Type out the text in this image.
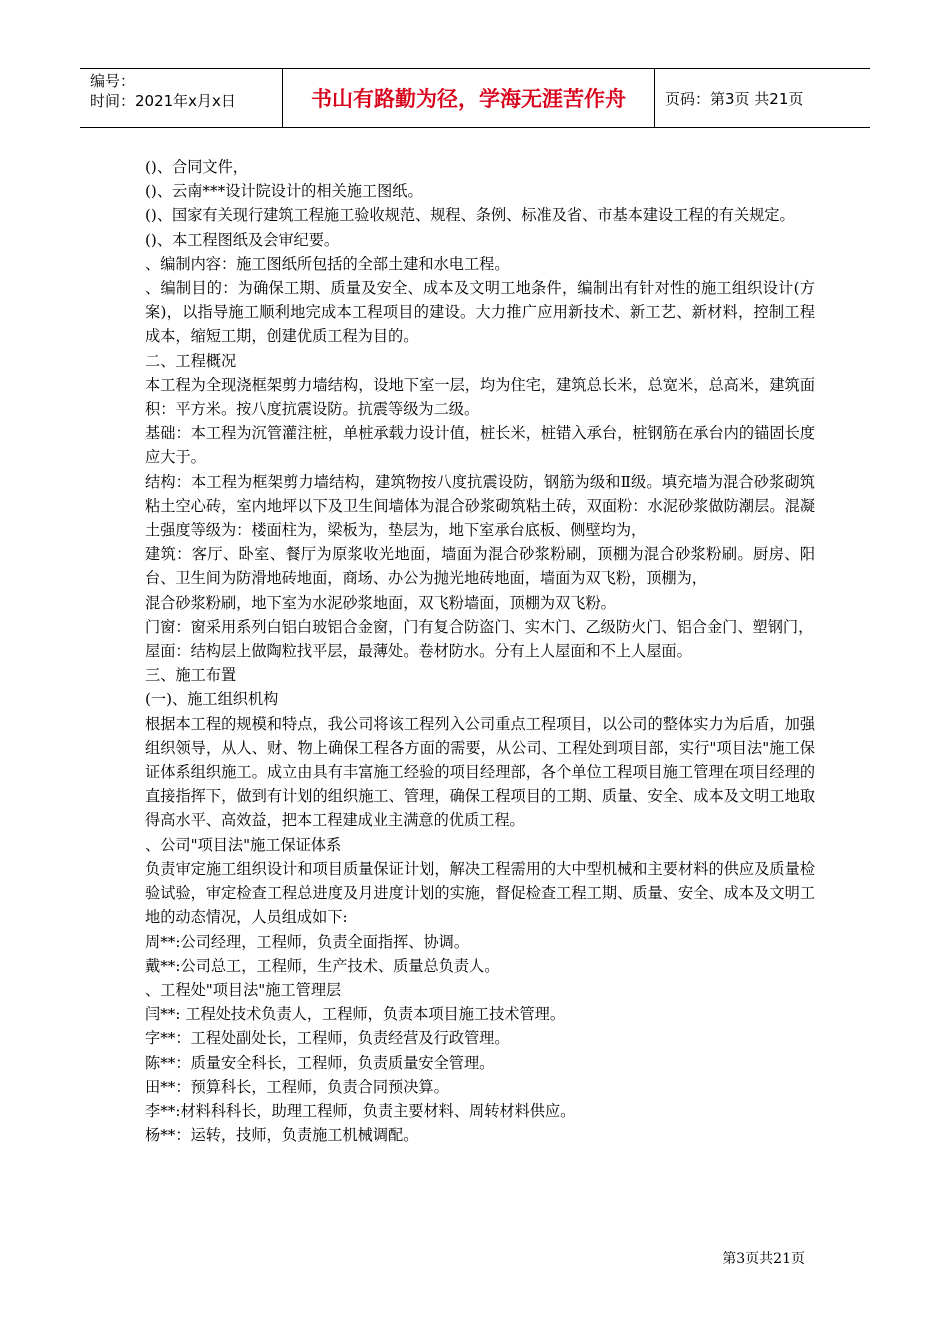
编号：
时间：2021年x月x日	书山有路勤为径，学海无涯苦作舟	页码：第3页 共21页

()、合同文件，

()、云南***设计院设计的相关施工图纸。

()、国家有关现行建筑工程施工验收规范、规程、条例、标准及省、市基本建设工程的有关规定。

()、本工程图纸及会审纪要。

、编制内容：施工图纸所包括的全部土建和水电工程。

、编制目的：为确保工期、质量及安全、成本及文明工地条件，编制出有针对性的施工组织设计(方案)，以指导施工顺利地完成本工程项目的建设。大力推广应用新技术、新工艺、新材料，控制工程成本，缩短工期，创建优质工程为目的。

二、工程概况

本工程为全现浇框架剪力墙结构，设地下室一层，均为住宅，建筑总长米，总宽米，总高米，建筑面积：平方米。按八度抗震设防。抗震等级为二级。

基础：本工程为沉管灌注桩，单桩承载力设计值，桩长米，桩错入承台，桩钢筋在承台内的锚固长度应大于。

结构：本工程为框架剪力墙结构，建筑物按八度抗震设防，钢筋为级和Ⅱ级。填充墙为混合砂浆砌筑粘土空心砖，室内地坪以下及卫生间墙体为混合砂浆砌筑粘土砖，双面粉：水泥砂浆做防潮层。混凝土强度等级为：楼面柱为，梁板为，垫层为，地下室承台底板、侧壁均为，

建筑：客厅、卧室、餐厅为原浆收光地面，墙面为混合砂浆粉刷，顶棚为混合砂浆粉刷。厨房、阳台、卫生间为防滑地砖地面，商场、办公为抛光地砖地面，墙面为双飞粉，顶棚为，

混合砂浆粉刷，地下室为水泥砂浆地面，双飞粉墙面，顶棚为双飞粉。

门窗：窗采用系列白铝白玻铝合金窗，门有复合防盗门、实木门、乙级防火门、铝合金门、塑钢门，

屋面：结构层上做陶粒找平层，最薄处。卷材防水。分有上人屋面和不上人屋面。

三、施工布置

(一)、施工组织机构

根据本工程的规模和特点，我公司将该工程列入公司重点工程项目，以公司的整体实力为后盾，加强组织领导，从人、财、物上确保工程各方面的需要，从公司、工程处到项目部，实行"项目法"施工保证体系组织施工。成立由具有丰富施工经验的项目经理部，各个单位工程项目施工管理在项目经理的直接指挥下，做到有计划的组织施工、管理，确保工程项目的工期、质量、安全、成本及文明工地取得高水平、高效益，把本工程建成业主满意的优质工程。

、公司"项目法"施工保证体系

负责审定施工组织设计和项目质量保证计划，解决工程需用的大中型机械和主要材料的供应及质量检验试验，审定检查工程总进度及月进度计划的实施，督促检查工程工期、质量、安全、成本及文明工地的动态情况，人员组成如下:

周**:公司经理，工程师，负责全面指挥、协调。

戴**:公司总工，工程师，生产技术、质量总负责人。

、工程处"项目法"施工管理层

闫**: 工程处技术负责人，工程师，负责本项目施工技术管理。

字**：工程处副处长，工程师，负责经营及行政管理。

陈**：质量安全科长，工程师，负责质量安全管理。

田**：预算科长，工程师，负责合同预决算。

李**:材料科科长，助理工程师，负责主要材料、周转材料供应。

杨**：运转，技师，负责施工机械调配。

第3页共21页
